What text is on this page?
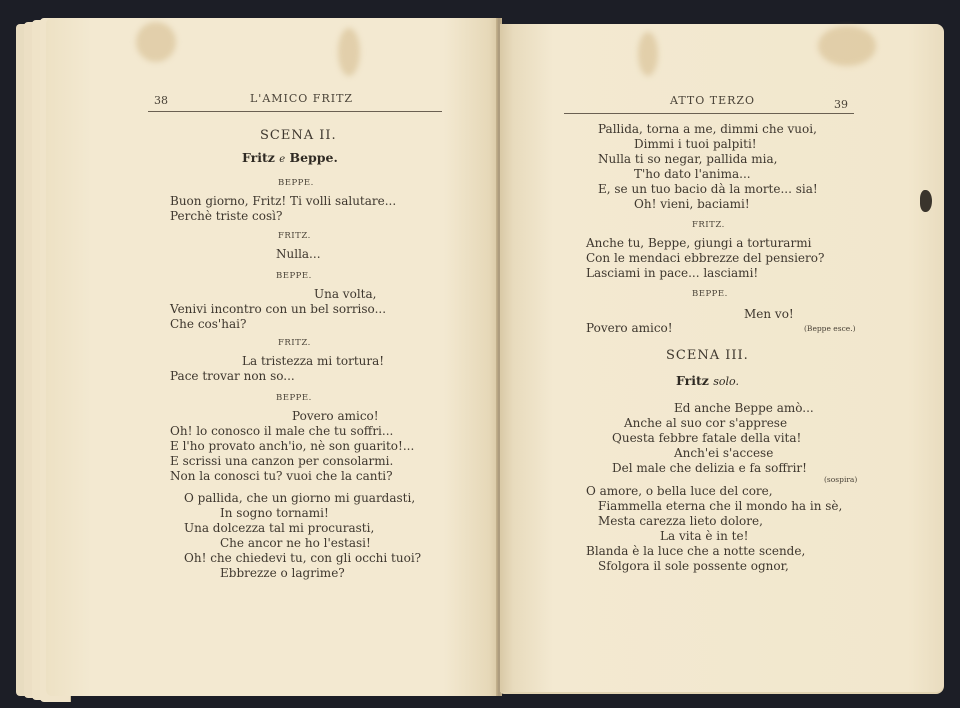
38	L'AMICO FRITZ
SCENA II.
Fritz e Beppe.
BEPPE.
Buon giorno, Fritz! Ti volli salutare...
Perchè triste così?
FRITZ.
Nulla...
BEPPE.
Una volta,
Venivi incontro con un bel sorriso...
Che cos'hai?
FRITZ.
La tristezza mi tortura!
Pace trovar non so...
BEPPE.
Povero amico!
Oh! lo conosco il male che tu soffri...
E l'ho provato anch'io, nè son guarito!...
E scrissi una canzon per consolarmi.
Non la conosci tu? vuoi che la canti?
O pallida, che un giorno mi guardasti,
In sogno tornami!
Una dolcezza tal mi procurasti,
Che ancor ne ho l'estasi!
Oh! che chiedevi tu, con gli occhi tuoi?
Ebbrezze o lagrime?
ATTO TERZO	39
Pallida, torna a me, dimmi che vuoi,
Dimmi i tuoi palpiti!
Nulla ti so negar, pallida mia,
T'ho dato l'anima...
E, se un tuo bacio dà la morte... sia!
Oh! vieni, baciami!
FRITZ.
Anche tu, Beppe, giungi a torturarmi
Con le mendaci ebbrezze del pensiero?
Lasciami in pace... lasciami!
BEPPE.
Men vo!
Povero amico!	(Beppe esce.)
SCENA III.
Fritz solo.
Ed anche Beppe amò...
Anche al suo cor s'apprese
Questa febbre fatale della vita!
Anch'ei s'accese
Del male che delizia e fa soffrir!
(sospira)
O amore, o bella luce del core,
Fiammella eterna che il mondo ha in sè,
Mesta carezza lieto dolore,
La vita è in te!
Blanda è la luce che a notte scende,
Sfolgora il sole possente ognor,
